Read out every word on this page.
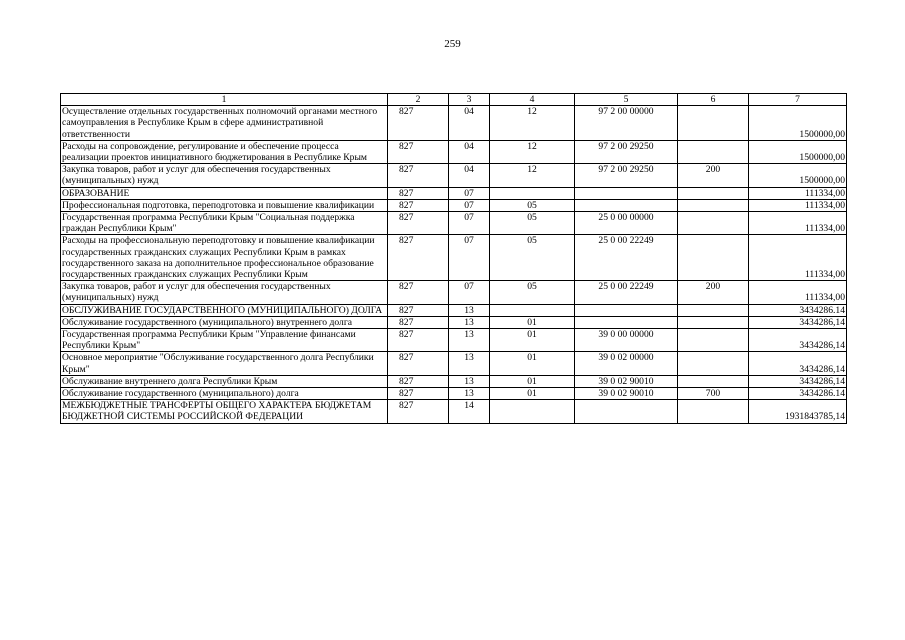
259
1	2	3	4	5	6	7
Осуществление отдельных государственных полномочий органами местного самоуправления в Республике Крым в сфере административной ответственности	827	04	12	97 2 00 00000		1500000,00
Расходы на сопровождение, регулирование и обеспечение процесса реализации проектов инициативного бюджетирования в Республике Крым	827	04	12	97 2 00 29250		1500000,00
Закупка товаров, работ и услуг для обеспечения государственных (муниципальных) нужд	827	04	12	97 2 00 29250	200	1500000,00
ОБРАЗОВАНИЕ	827	07				111334,00
Профессиональная подготовка, переподготовка и повышение квалификации	827	07	05			111334,00
Государственная программа Республики Крым "Социальная поддержка граждан Республики Крым"	827	07	05	25 0 00 00000		111334,00
Расходы на профессиональную переподготовку и повышение квалификации государственных гражданских служащих Республики Крым в рамках государственного заказа на дополнительное профессиональное образование государственных гражданских служащих Республики Крым	827	07	05	25 0 00 22249		111334,00
Закупка товаров, работ и услуг для обеспечения государственных (муниципальных) нужд	827	07	05	25 0 00 22249	200	111334,00
ОБСЛУЖИВАНИЕ ГОСУДАРСТВЕННОГО (МУНИЦИПАЛЬНОГО) ДОЛГА	827	13				3434286.14
Обслуживание государственного (муниципального) внутреннего долга	827	13	01			3434286,14
Государственная программа Республики Крым "Управление финансами Республики Крым"	827	13	01	39 0 00 00000		3434286,14
Основное мероприятие "Обслуживание государственного долга Республики Крым"	827	13	01	39 0 02 00000		3434286,14
Обслуживание внутреннего долга Республики Крым	827	13	01	39 0 02 90010		3434286,14
Обслуживание государственного (муниципального) долга	827	13	01	39 0 02 90010	700	3434286.14
МЕЖБЮДЖЕТНЫЕ ТРАНСФЕРТЫ ОБЩЕГО ХАРАКТЕРА БЮДЖЕТАМ БЮДЖЕТНОЙ СИСТЕМЫ РОССИЙСКОЙ ФЕДЕРАЦИИ	827	14				1931843785,14
